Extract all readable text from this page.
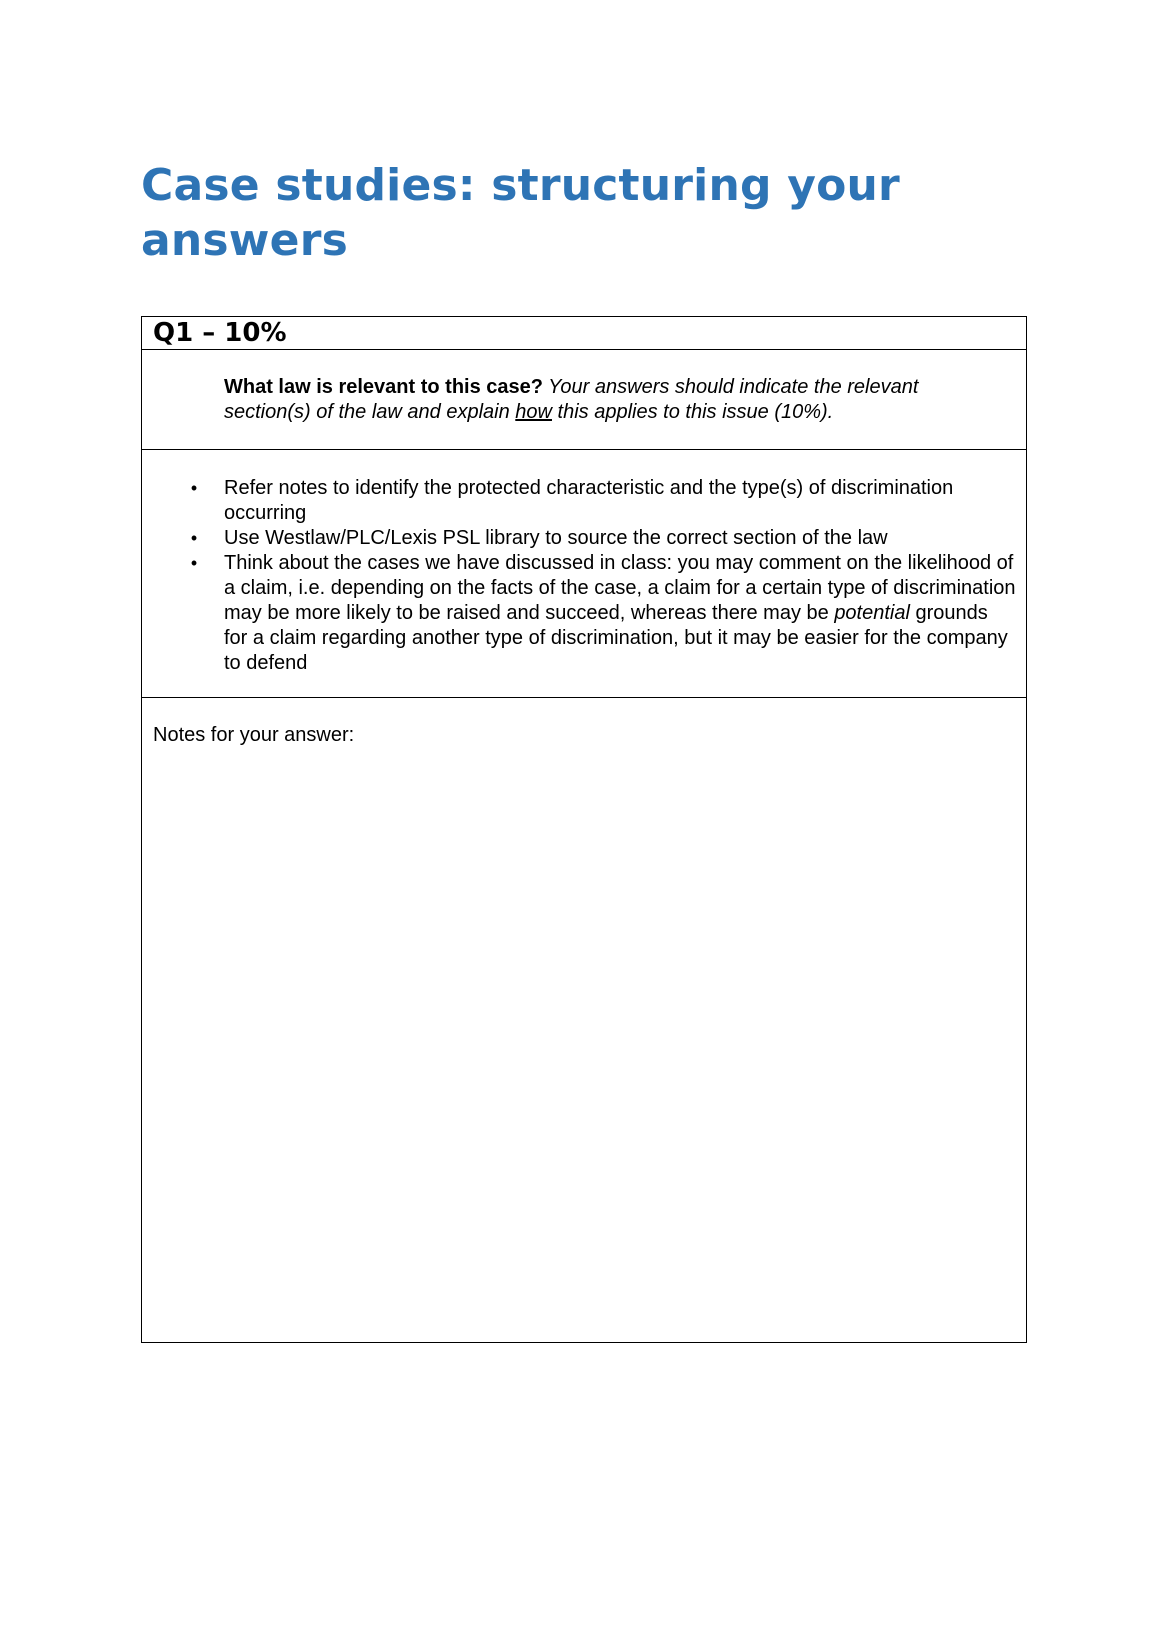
Case studies: structuring your answers
Q1 – 10%
What law is relevant to this case? Your answers should indicate the relevant section(s) of the law and explain how this applies to this issue (10%).
•	Refer notes to identify the protected characteristic and the type(s) of discrimination occurring
•	Use Westlaw/PLC/Lexis PSL library to source the correct section of the law
•	Think about the cases we have discussed in class: you may comment on the likelihood of a claim, i.e. depending on the facts of the case, a claim for a certain type of discrimination may be more likely to be raised and succeed, whereas there may be potential grounds for a claim regarding another type of discrimination, but it may be easier for the company to defend
Notes for your answer:
